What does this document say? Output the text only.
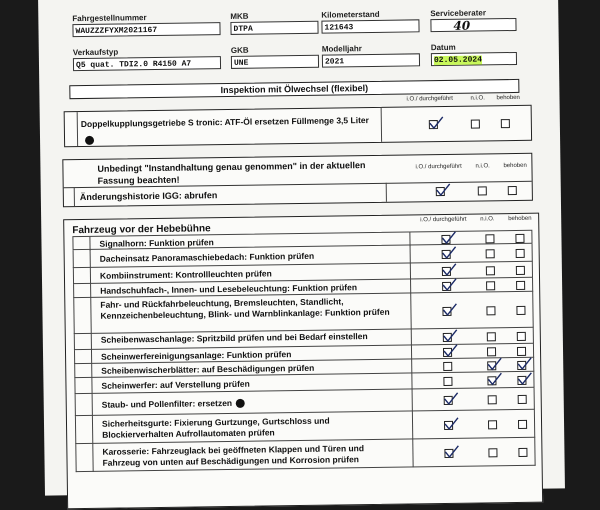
Fahrgestellnummer
WAUZZZFYXM2021167
MKB
DTPA
Kilometerstand
121643
Serviceberater
40
Verkaufstyp
Q5 quat. TDI2.0 R4150 A7
GKB
UNE
Modelljahr
2021
Datum
02.05.2024
Inspektion mit Ölwechsel (flexibel)
i.O./ durchgeführt	n.i.O. behoben
Doppelkupplungsgetriebe S tronic: ATF-Öl ersetzen Füllmenge 3,5 Liter
Unbedingt "Instandhaltung genau genommen" in der aktuellen Fassung beachten!
i.O./ durchgeführt n.i.O. behoben
Änderungshistorie IGG: abrufen
Fahrzeug vor der Hebebühne
i.O./ durchgeführt n.i.O. behoben
Signalhorn: Funktion prüfen
Dacheinsatz Panoramaschiebedach: Funktion prüfen
Kombiinstrument: Kontrollleuchten prüfen
Handschuhfach-, Innen- und Lesebeleuchtung: Funktion prüfen
Fahr- und Rückfahrbeleuchtung, Bremsleuchten, Standlicht, Kennzeichenbeleuchtung, Blink- und Warnblinkanlage: Funktion prüfen
Scheibenwaschanlage: Spritzbild prüfen und bei Bedarf einstellen
Scheinwerfereinigungsanlage: Funktion prüfen
Scheibenwischerblätter: auf Beschädigungen prüfen
Scheinwerfer: auf Verstellung prüfen
Staub- und Pollenfilter: ersetzen
Sicherheitsgurte: Fixierung Gurtzunge, Gurtschloss und Blockierverhalten Aufrollautomaten prüfen
Karosserie: Fahrzeuglack bei geöffneten Klappen und Türen und Fahrzeug von unten auf Beschädigungen und Korrosion prüfen
